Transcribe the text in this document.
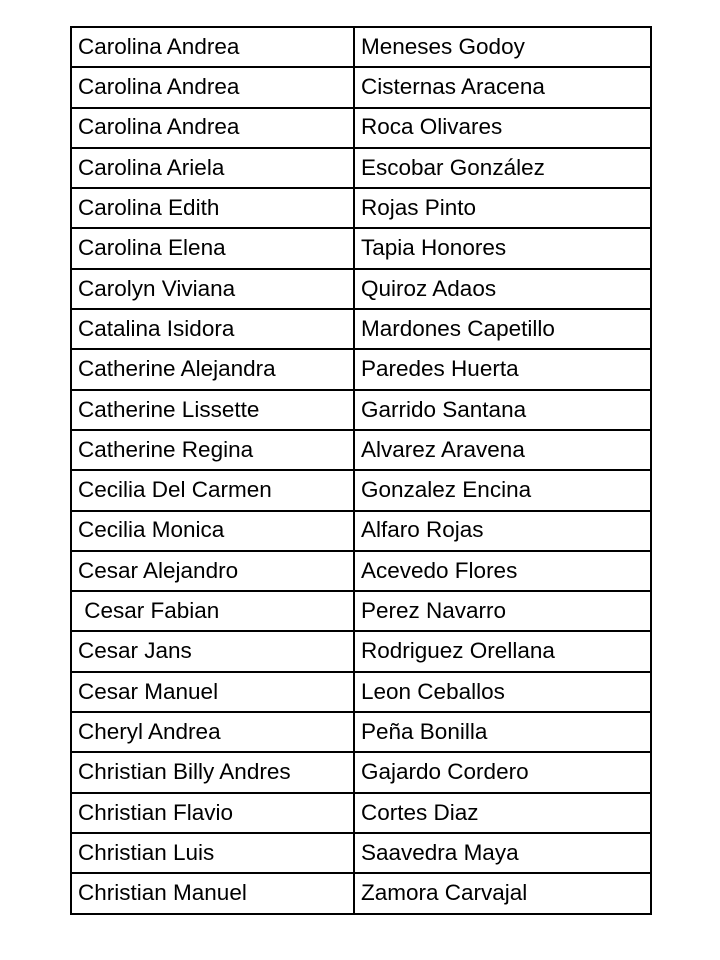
Carolina Andrea	Meneses Godoy
Carolina Andrea	Cisternas Aracena
Carolina Andrea	Roca Olivares
Carolina Ariela	Escobar González
Carolina Edith	Rojas Pinto
Carolina Elena	Tapia Honores
Carolyn Viviana	Quiroz Adaos
Catalina Isidora	Mardones Capetillo
Catherine Alejandra	Paredes Huerta
Catherine Lissette	Garrido Santana
Catherine Regina	Alvarez Aravena
Cecilia Del Carmen	Gonzalez Encina
Cecilia Monica	Alfaro Rojas
Cesar Alejandro	Acevedo Flores
Cesar Fabian	Perez Navarro
Cesar Jans	Rodriguez Orellana
Cesar Manuel	Leon Ceballos
Cheryl Andrea	Peña Bonilla
Christian Billy Andres	Gajardo Cordero
Christian Flavio	Cortes Diaz
Christian Luis	Saavedra Maya
Christian Manuel	Zamora Carvajal
